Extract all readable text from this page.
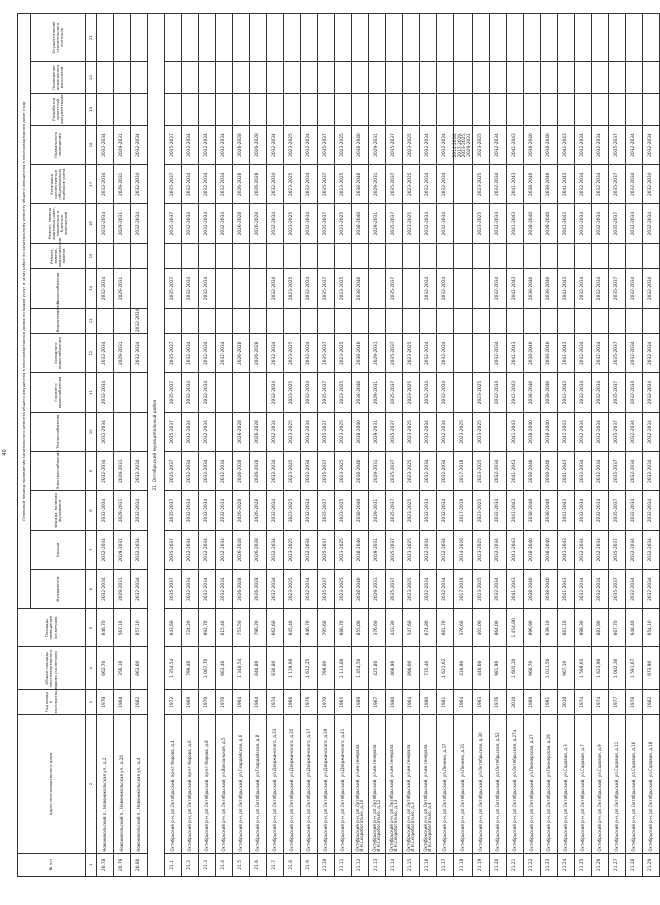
40
№ п/п	Адрес многоквартирного дома	Год ввода в эксплуатацию	Общая площадь многоквартирного дома (кв.метров)	Площадь помещений (кв.метров)	Плановый период проведения капитального ремонта общего имущества в многоквартирных домах по видам услуг и (или) работ по капитальному ремонту общего имущества в многоквартирном доме (год)															
					Фундамента	Крыши	Фасада, включая фундамент	Электроснабжения	Теплоснабжения	Горячего водоснабжения	Холодного водоснабжения	Водоотведения	Газоснабжения	Ремонт, замена, модернизация лифтов	Ремонт, замена лифтовых шахт, машинных и блочных помещений	Установка коллективных (общедомовых) приборов учета	Подвального помещения	Разработка проектной документации	Проведение инженерных изысканий	Осуществление строительного контроля
1	2	3	4	5	6	7	8	9	10	11	12	13	14	15	16	17	18	19	20	21
20.78	Новоникольский п., Новоникольская ул., д.2	1970	662,70	646,70	2032-2034	2032-2034	2032-2034	2032-2034	2032-2034	2032-2034	2032-2034		2032-2034		2032-2034	2032-2034	2032-2034			
20.79	Новоникольский п., Новоникольская ул., д.2б	1968	356,10	567,10	2029-2031	2029-2031	2029-2031	2029-2031			2029-2031		2029-2031		2029-2031	2029-2031	2029-2031			
20.80	Новоникольский п., Новоникольская ул., д.4	1982	863,60	857,10	2032-2034	2032-2034	2032-2034	2032-2034			2032-2034	2032-2034			2032-2034	2032-2034	2032-2034			
21. Октябрьский муниципальный район																				
21.1	Октябрьский р-н, рп.Октябрьский, пр-кт Кирова, д.4	1972	1 354,54	643,60	2035-2037	2035-2037	2035-2037	2035-2037	2035-2037	2035-2037	2035-2037		2035-2037		2035-2037	2035-2037	2035-2037			
21.2	Октябрьский р-н, рп.Октябрьский, пр-кт Кирова, д.6	1969	799,40	724,20	2032-2034	2032-2034	2032-2034	2032-2034	2032-2034	2032-2034	2032-2034		2032-2034		2032-2034	2032-2034	2032-2034			
21.3	Октябрьский р-н, рп.Октябрьский, пр-кт Кирова, д.8	1970	1 067,70	692,70	2032-2034	2032-2034	2032-2034	2032-2034	2032-2034	2032-2034	2032-2034		2032-2034		2032-2034	2032-2034	2032-2034			
21.4	Октябрьский р-н, рп.Октябрьский, ул.Вокзальная, д.5	1970	663,40	615,40	2032-2034	2032-2034	2032-2034	2032-2034			2032-2034				2032-2034	2032-2034	2032-2034			
21.5	Октябрьский р-н, рп.Октябрьский, ул.Гвардейская, д.6	1964	1 348,54	753,50	2026-2028	2026-2028	2026-2028	2026-2028	2026-2028		2026-2028				2026-2028	2026-2028	2026-2028			
21.6	Октябрьский р-н, рп.Октябрьский, ул.Гвардейская, д.8	1964	846,80	796,20	2026-2028	2026-2028	2026-2028	2026-2028	2026-2028		2026-2028				2026-2028	2026-2028	2026-2028			
21.7	Октябрьский р-н, рп.Октябрьский, ул.Дзержинского, д.33	1974	830,80	662,60	2032-2034	2032-2034	2032-2034	2032-2034	2032-2034	2032-2034	2032-2034		2032-2034		2032-2034	2032-2034	2032-2034			
21.8	Октябрьский р-н, рп.Октябрьский, ул.Дзержинского, д.35	1966	1 139,96	645,40	2023-2025	2023-2025	2023-2025	2023-2025	2023-2025	2023-2025	2023-2025		2023-2025		2023-2025	2023-2025	2023-2025			
21.9	Октябрьский р-н, рп.Октябрьский, ул.Дзержинского, д.37	1976	1 612,25	846,70	2032-2034	2032-2034	2032-2034	2032-2034	2032-2034	2032-2034	2032-2034		2032-2034		2032-2034	2032-2034	2032-2034			
21.10	Октябрьский р-н, рп.Октябрьский, ул.Дзержинского, д.39	1970	799,60	795,60	2035-2037	2035-2037	2035-2037	2035-2037	2035-2037	2035-2037	2035-2037		2035-2037		2035-2037	2035-2037	2035-2037			
21.11	Октябрьский р-н, рп.Октябрьский, ул.Дзержинского, д.41	1965	1 113,80	686,70	2023-2025	2023-2025	2023-2025	2023-2025	2023-2025	2023-2025	2023-2025		2023-2025		2023-2025	2023-2025	2023-2025			
21.12	Октябрьский р-н, рп.Октябрьский, ул.им.генерала И.Н.Скоробогатько, д.10	1989	1 454,50	855,00	2038-2040	2038-2040	2038-2040	2038-2040	2038-2040	2038-2040	2038-2040		2038-2040		2038-2040	2038-2040	2038-2040			
21.13	Октябрьский р-н, рп.Октябрьский, ул.им.генерала И.Н.Скоробогатько, д.12	1967	425,80	376,60	2029-2031	2029-2031	2029-2031	2029-2031	2029-2031	2029-2031	2029-2031				2029-2031	2029-2031	2029-2031			
21.14	Октябрьский р-н, рп.Октябрьский, ул.им.генерала И.Н.Скоробогатько, д.13	1980	466,90	443,30	2035-2037	2035-2037	2035-2037	2035-2037	2035-2037	2035-2037	2035-2037		2035-2037		2035-2037	2035-2037	2035-2037			
21.15	Октябрьский р-н, рп.Октябрьский, ул.им.генерала И.Н.Скоробогатько, д.3	1964	896,00	547,60	2023-2025	2023-2025	2023-2025	2023-2025	2023-2025	2023-2025	2023-2025				2023-2025	2023-2025	2023-2025			
21.16	Октябрьский р-н, рп.Октябрьский, ул.им.генерала И.Н.Скоробогатько, д.4	1980	735,40	674,80	2032-2034	2032-2034	2032-2034	2032-2034	2032-2034	2032-2034	2032-2034		2032-2034		2032-2034	2032-2034	2032-2034			
21.17	Октябрьский р-н, рп.Октябрьский, ул.Ленина, д.37	1981	1 621,62	881,70	2032-2034	2032-2034	2032-2034	2032-2034	2032-2034	2032-2034	2032-2034		2032-2034		2032-2034	2032-2034	2032-2034			
21.18	Октябрьский р-н, рп.Октябрьский, ул.Ленина, д.31	1964	416,90	376,60	2017-2019	2014-2016	2017-2019	2017-2019	2023-2025								2014-2016, 2017-2019, 2023-2025, 2029-2031			
21.19	Октябрьский р-н, рп.Октябрьский, ул.Октябрьская, д.30	1963	446,60	401,00	2023-2025	2023-2025	2023-2025	2023-2025	2023-2025	2023-2025					2023-2025	2023-2025	2023-2025			
21.20	Октябрьский р-н, рп.Октябрьский, ул.Октябрьская, д.52	1976	981,90	864,00	2032-2034	2032-2034	2032-2034	2032-2034		2032-2034	2032-2034		2032-2034		2032-2034	2032-2034	2032-2034			
21.21	Октябрьский р-н, рп.Октябрьский, ул.Октябрьская, д.27а	2010	1 605,10	1 454,80	2041-2043	2041-2043	2041-2043	2041-2043	2041-2043	2041-2043	2041-2043		2041-2043		2041-2043	2041-2043	2041-2043			
21.22	Октябрьский р-н, рп.Октябрьский, ул.Пионерская, д.27	1989	960,70	896,90	2038-2040	2038-2040	2038-2040	2038-2040	2038-2040	2038-2040	2038-2040		2038-2040		2038-2040	2038-2040	2038-2040			
21.23	Октябрьский р-н, рп.Октябрьский, ул.Пионерская, д.29	1991	1 011,50	639,10	2038-2040	2038-2040	2038-2040	2038-2040	2038-2040	2038-2040	2038-2040		2038-2040		2038-2040	2038-2040	2038-2040			
21.24	Октябрьский р-н, рп.Октябрьский, ул.Садовая, д.3	2010	967,10	681,10	2041-2043	2041-2043	2041-2043	2041-2043	2041-2043	2041-2043	2041-2043		2041-2043		2041-2043	2041-2043	2041-2043			
21.25	Октябрьский р-н, рп.Октябрьский, ул.Садовая, д.7	1974	1 599,65	899,30	2032-2034	2032-2034	2032-2034	2032-2034	2032-2034	2032-2034	2032-2034		2032-2034		2032-2034	2032-2034	2032-2034			
21.26	Октябрьский р-н, рп.Октябрьский, ул.Садовая, д.9	1974	1 623,90	881,90	2032-2034	2032-2034	2032-2034	2032-2034	2032-2034	2032-2034	2032-2034		2032-2034		2032-2034	2032-2034	2032-2034			
21.27	Октябрьский р-н, рп.Октябрьский, ул.Садовая, д.11	1977	1 002,30	667,70	2035-2037	2035-2037	2035-2037	2035-2037	2035-2037	2035-2037	2035-2037		2035-2037		2035-2037	2035-2037	2035-2037			
21.28	Октябрьский р-н, рп.Октябрьский, ул.Садовая, д.16	1978	1 591,67	648,40	2032-2034	2032-2034	2032-2034	2032-2034	2032-2034	2032-2034	2032-2034		2032-2034		2032-2034	2032-2034	2032-2034			
21.29	Октябрьский р-н, рп.Октябрьский, ул.Садовая, д.18	1982	973,90	654,10	2032-2034	2032-2034	2032-2034	2032-2034	2032-2034	2032-2034	2032-2034		2032-2034		2032-2034	2032-2034	2032-2034			
